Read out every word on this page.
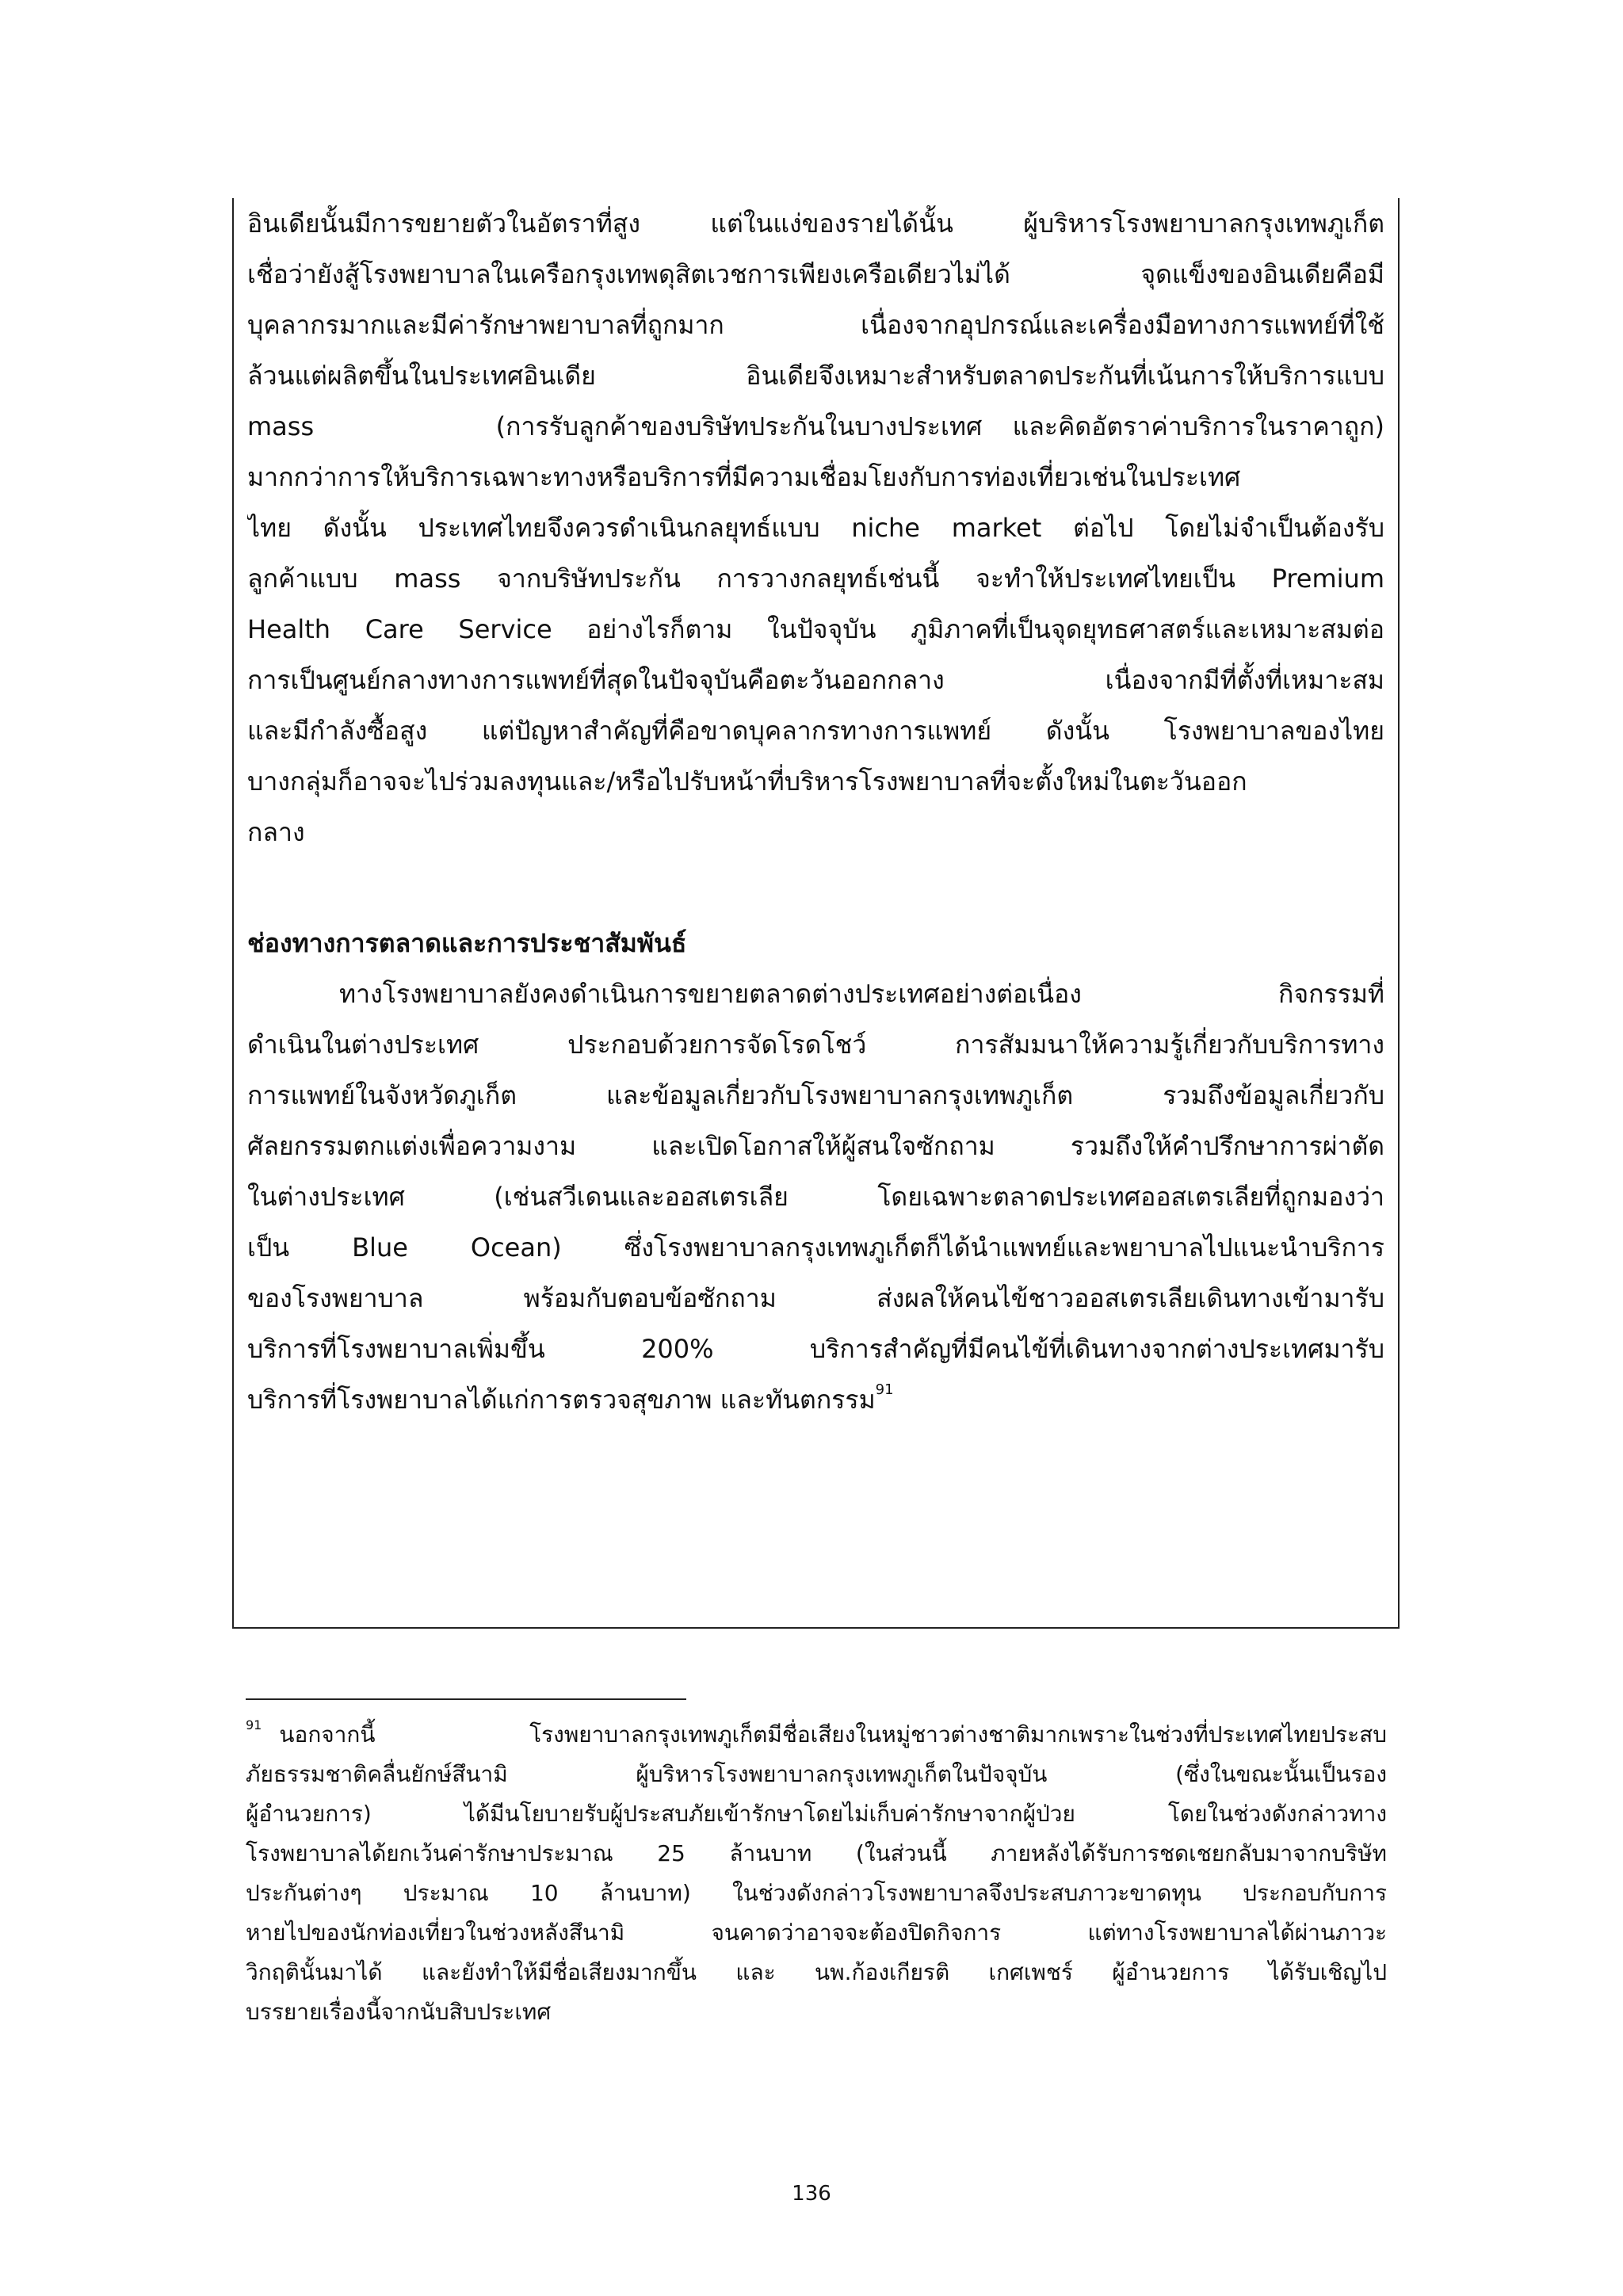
อินเดียนั้นมีการขยายตัวในอัตราที่สูง แต่ในแง่ของรายได้นั้น ผู้บริหารโรงพยาบาลกรุงเทพภูเก็ต
เชื่อว่ายังสู้โรงพยาบาลในเครือกรุงเทพดุสิตเวชการเพียงเครือเดียวไม่ได้ จุดแข็งของอินเดียคือมี
บุคลากรมากและมีค่ารักษาพยาบาลที่ถูกมาก เนื่องจากอุปกรณ์และเครื่องมือทางการแพทย์ที่ใช้
ล้วนแต่ผลิตขึ้นในประเทศอินเดีย อินเดียจึงเหมาะสำหรับตลาดประกันที่เน้นการให้บริการแบบ
mass      (การรับลูกค้าของบริษัทประกันในบางประเทศ และคิดอัตราค่าบริการในราคาถูก)
มากกว่าการให้บริการเฉพาะทางหรือบริการที่มีความเชื่อมโยงกับการท่องเที่ยวเช่นในประเทศ
ไทย ดังนั้น ประเทศไทยจึงควรดำเนินกลยุทธ์แบบ niche market ต่อไป โดยไม่จำเป็นต้องรับ
ลูกค้าแบบ mass จากบริษัทประกัน การวางกลยุทธ์เช่นนี้ จะทำให้ประเทศไทยเป็น Premium
Health Care Service อย่างไรก็ตาม ในปัจจุบัน ภูมิภาคที่เป็นจุดยุทธศาสตร์และเหมาะสมต่อ
การเป็นศูนย์กลางทางการแพทย์ที่สุดในปัจจุบันคือตะวันออกกลาง เนื่องจากมีที่ตั้งที่เหมาะสม
และมีกำลังซื้อสูง แต่ปัญหาสำคัญที่คือขาดบุคลากรทางการแพทย์ ดังนั้น โรงพยาบาลของไทย
บางกลุ่มก็อาจจะไปร่วมลงทุนและ/หรือไปรับหน้าที่บริหารโรงพยาบาลที่จะตั้งใหม่ในตะวันออก
กลาง
ช่องทางการตลาดและการประชาสัมพันธ์
ทางโรงพยาบาลยังคงดำเนินการขยายตลาดต่างประเทศอย่างต่อเนื่อง กิจกรรมที่
ดำเนินในต่างประเทศ ประกอบด้วยการจัดโรดโชว์ การสัมมนาให้ความรู้เกี่ยวกับบริการทาง
การแพทย์ในจังหวัดภูเก็ต และข้อมูลเกี่ยวกับโรงพยาบาลกรุงเทพภูเก็ต รวมถึงข้อมูลเกี่ยวกับ
ศัลยกรรมตกแต่งเพื่อความงาม และเปิดโอกาสให้ผู้สนใจซักถาม รวมถึงให้คำปรึกษาการผ่าตัด
ในต่างประเทศ (เช่นสวีเดนและออสเตรเลีย โดยเฉพาะตลาดประเทศออสเตรเลียที่ถูกมองว่า
เป็น Blue Ocean) ซึ่งโรงพยาบาลกรุงเทพภูเก็ตก็ได้นำแพทย์และพยาบาลไปแนะนำบริการ
ของโรงพยาบาล พร้อมกับตอบข้อซักถาม ส่งผลให้คนไข้ชาวออสเตรเลียเดินทางเข้ามารับ
บริการที่โรงพยาบาลเพิ่มขึ้น 200% บริการสำคัญที่มีคนไข้ที่เดินทางจากต่างประเทศมารับ
บริการที่โรงพยาบาลได้แก่การตรวจสุขภาพ และทันตกรรม$^{91}$
$^{91}$ นอกจากนี้ โรงพยาบาลกรุงเทพภูเก็ตมีชื่อเสียงในหมู่ชาวต่างชาติมากเพราะในช่วงที่ประเทศไทยประสบ
ภัยธรรมชาติคลื่นยักษ์สึนามิ          ผู้บริหารโรงพยาบาลกรุงเทพภูเก็ตในปัจจุบัน          (ซึ่งในขณะนั้นเป็นรอง
ผู้อำนวยการ) ได้มีนโยบายรับผู้ประสบภัยเข้ารักษาโดยไม่เก็บค่ารักษาจากผู้ป่วย โดยในช่วงดังกล่าวทาง
โรงพยาบาลได้ยกเว้นค่ารักษาประมาณ 25 ล้านบาท (ในส่วนนี้ ภายหลังได้รับการชดเชยกลับมาจากบริษัท
ประกันต่างๆ ประมาณ 10 ล้านบาท) ในช่วงดังกล่าวโรงพยาบาลจึงประสบภาวะขาดทุน ประกอบกับการ
หายไปของนักท่องเที่ยวในช่วงหลังสึนามิ จนคาดว่าอาจจะต้องปิดกิจการ แต่ทางโรงพยาบาลได้ผ่านภาวะ
วิกฤตินั้นมาได้ และยังทำให้มีชื่อเสียงมากขึ้น และ นพ.ก้องเกียรติ เกศเพชร์ ผู้อำนวยการ ได้รับเชิญไป
บรรยายเรื่องนี้จากนับสิบประเทศ
136
